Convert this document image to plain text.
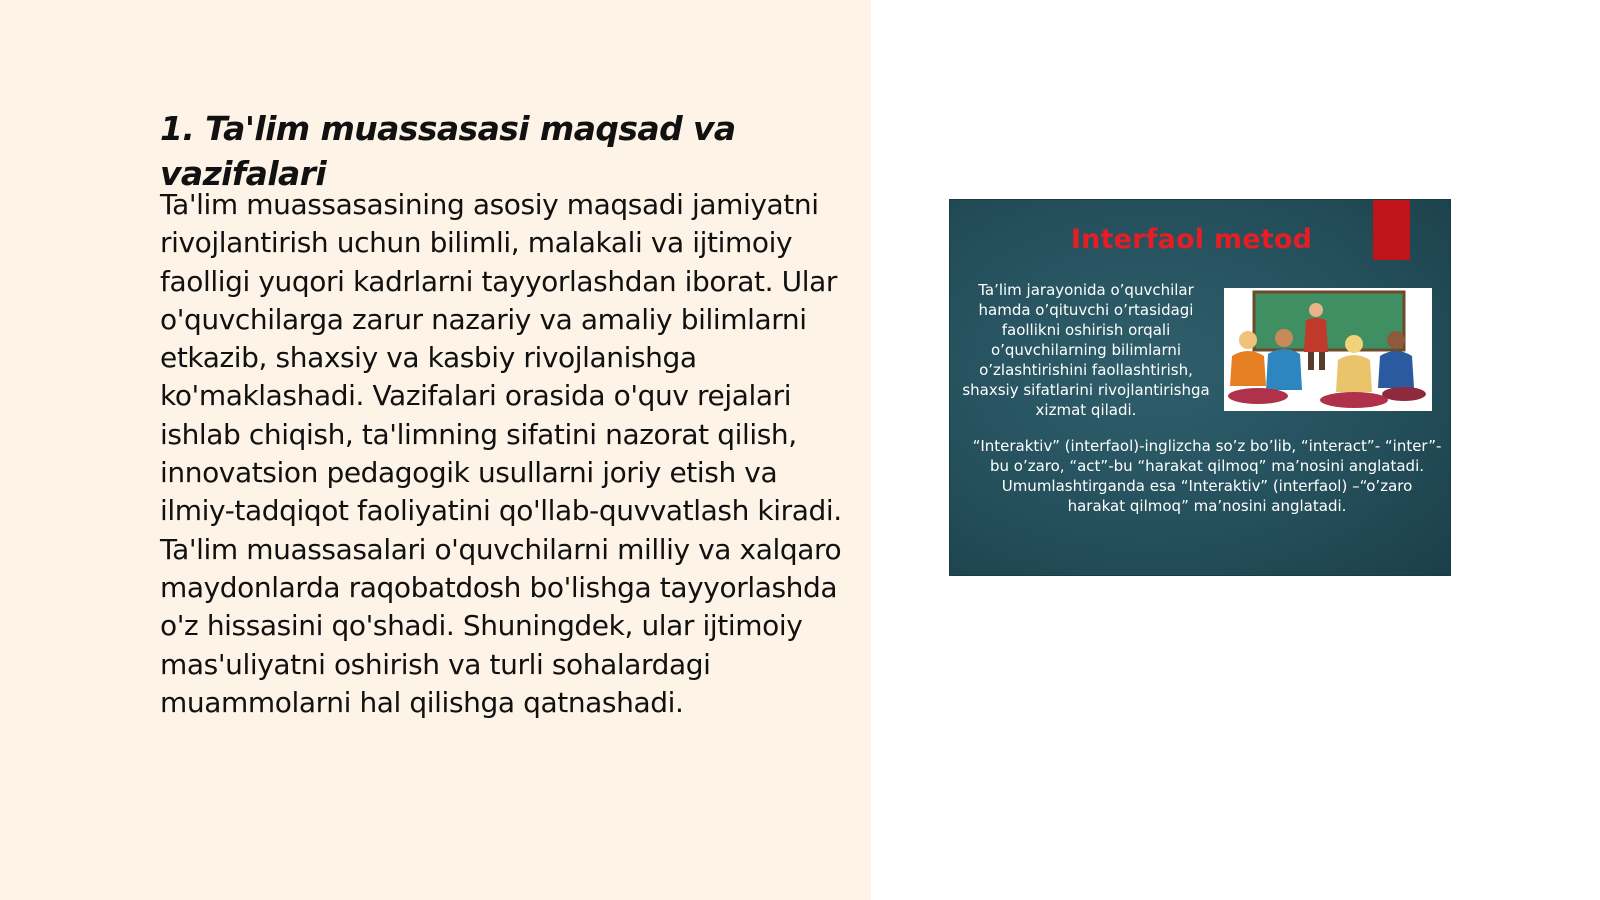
1. Ta'lim muassasasi maqsad va vazifalari

Ta'lim muassasasining asosiy maqsadi jamiyatni rivojlantirish uchun bilimli, malakali va ijtimoiy faolligi yuqori kadrlarni tayyorlashdan iborat. Ular o'quvchilarga zarur nazariy va amaliy bilimlarni etkazib, shaxsiy va kasbiy rivojlanishga ko'maklashadi. Vazifalari orasida o'quv rejalari ishlab chiqish, ta'limning sifatini nazorat qilish, innovatsion pedagogik usullarni joriy etish va ilmiy-tadqiqot faoliyatini qo'llab-quvvatlash kiradi. Ta'lim muassasalari o'quvchilarni milliy va xalqaro maydonlarda raqobatdosh bo'lishga tayyorlashda o'z hissasini qo'shadi. Shuningdek, ular ijtimoiy mas'uliyatni oshirish va turli sohalardagi muammolarni hal qilishga qatnashadi.

Interfaol metod
Ta’lim jarayonida o’quvchilar hamda o’qituvchi o’rtasidagi faollikni oshirish orqali o’quvchilarning bilimlarni o’zlashtirishini faollashtirish, shaxsiy sifatlarini rivojlantirishga xizmat qiladi.
“Interaktiv” (interfaol)-inglizcha so’z bo’lib, “interact”- “inter”-bu o’zaro, “act”-bu “harakat qilmoq” ma’nosini anglatadi. Umumlashtirganda esa “Interaktiv” (interfaol) –“o’zaro harakat qilmoq” ma’nosini anglatadi.
